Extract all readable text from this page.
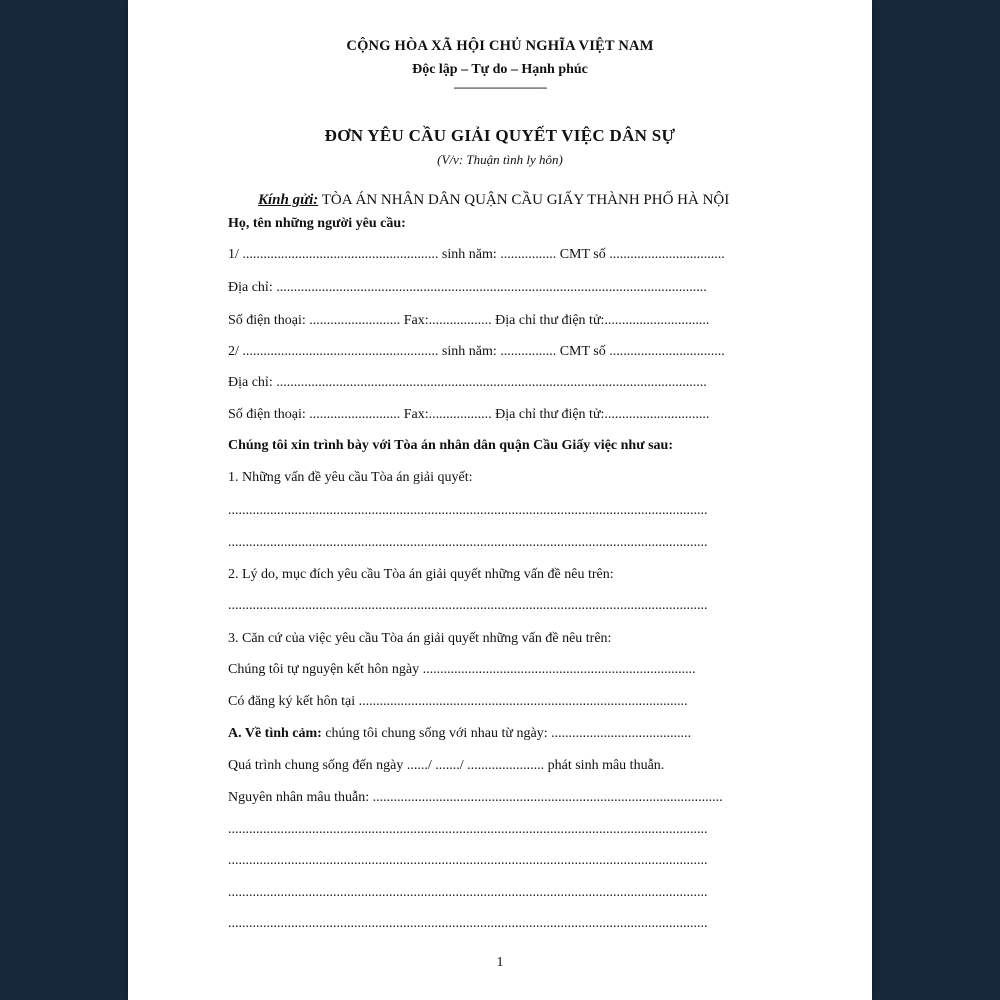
CỘNG HÒA XÃ HỘI CHỦ NGHĨA VIỆT NAM
Độc lập – Tự do – Hạnh phúc
-------------------------------
ĐƠN YÊU CẦU GIẢI QUYẾT VIỆC DÂN SỰ
(V/v: Thuận tình ly hôn)
Kính gửi: TÒA ÁN NHÂN DÂN QUẬN CẦU GIẤY THÀNH PHỐ HÀ NỘI
Họ, tên những người yêu cầu:
1/ ........................................................ sinh năm: ................ CMT số .................................
Địa chỉ: ...........................................................................................................................
Số điện thoại: .......................... Fax:.................. Địa chỉ thư điện tử:..............................
2/ ........................................................ sinh năm: ................ CMT số .................................
Địa chỉ: ...........................................................................................................................
Số điện thoại: .......................... Fax:.................. Địa chỉ thư điện tử:..............................
Chúng tôi xin trình bày với Tòa án nhân dân quận Cầu Giấy việc như sau:
1. Những vấn đề yêu cầu Tòa án giải quyết:
.........................................................................................................................................
.........................................................................................................................................
2. Lý do, mục đích yêu cầu Tòa án giải quyết những vấn đề nêu trên:
.........................................................................................................................................
3. Căn cứ của việc yêu cầu Tòa án giải quyết những vấn đề nêu trên:
Chúng tôi tự nguyện kết hôn ngày ..............................................................................
Có đăng ký kết hôn tại ..............................................................................................
A. Về tình cảm: chúng tôi chung sống với nhau từ ngày: ........................................
Quá trình chung sống đến ngày ....../ ......./ ...................... phát sinh mâu thuẫn.
Nguyên nhân mâu thuẫn: ....................................................................................................
.........................................................................................................................................
.........................................................................................................................................
.........................................................................................................................................
.........................................................................................................................................
1
